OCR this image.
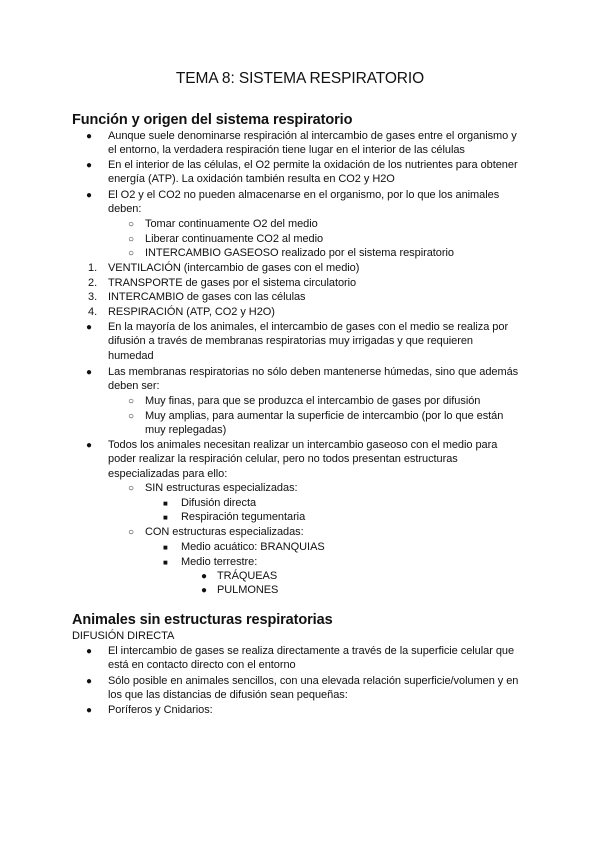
TEMA 8: SISTEMA RESPIRATORIO
Función y origen del sistema respiratorio
● Aunque suele denominarse respiración al intercambio de gases entre el organismo y
el entorno, la verdadera respiración tiene lugar en el interior de las células
● En el interior de las células, el O2 permite la oxidación de los nutrientes para obtener
energía (ATP). La oxidación también resulta en CO2 y H2O
● El O2 y el CO2 no pueden almacenarse en el organismo, por lo que los animales
deben:
○ Tomar continuamente O2 del medio
○ Liberar continuamente CO2 al medio
○ INTERCAMBIO GASEOSO realizado por el sistema respiratorio
1. VENTILACIÓN (intercambio de gases con el medio)
2. TRANSPORTE de gases por el sistema circulatorio
3. INTERCAMBIO de gases con las células
4. RESPIRACIÓN (ATP, CO2 y H2O)
● En la mayoría de los animales, el intercambio de gases con el medio se realiza por
difusión a través de membranas respiratorias muy irrigadas y que requieren
humedad
● Las membranas respiratorias no sólo deben mantenerse húmedas, sino que además
deben ser:
○ Muy finas, para que se produzca el intercambio de gases por difusión
○ Muy amplias, para aumentar la superficie de intercambio (por lo que están
muy replegadas)
● Todos los animales necesitan realizar un intercambio gaseoso con el medio para
poder realizar la respiración celular, pero no todos presentan estructuras
especializadas para ello:
○ SIN estructuras especializadas:
■ Difusión directa
■ Respiración tegumentaria
○ CON estructuras especializadas:
■ Medio acuático: BRANQUIAS
■ Medio terrestre:
● TRÁQUEAS
● PULMONES
Animales sin estructuras respiratorias
DIFUSIÓN DIRECTA
● El intercambio de gases se realiza directamente a través de la superficie celular que
está en contacto directo con el entorno
● Sólo posible en animales sencillos, con una elevada relación superficie/volumen y en
los que las distancias de difusión sean pequeñas:
● Poríferos y Cnidarios:
